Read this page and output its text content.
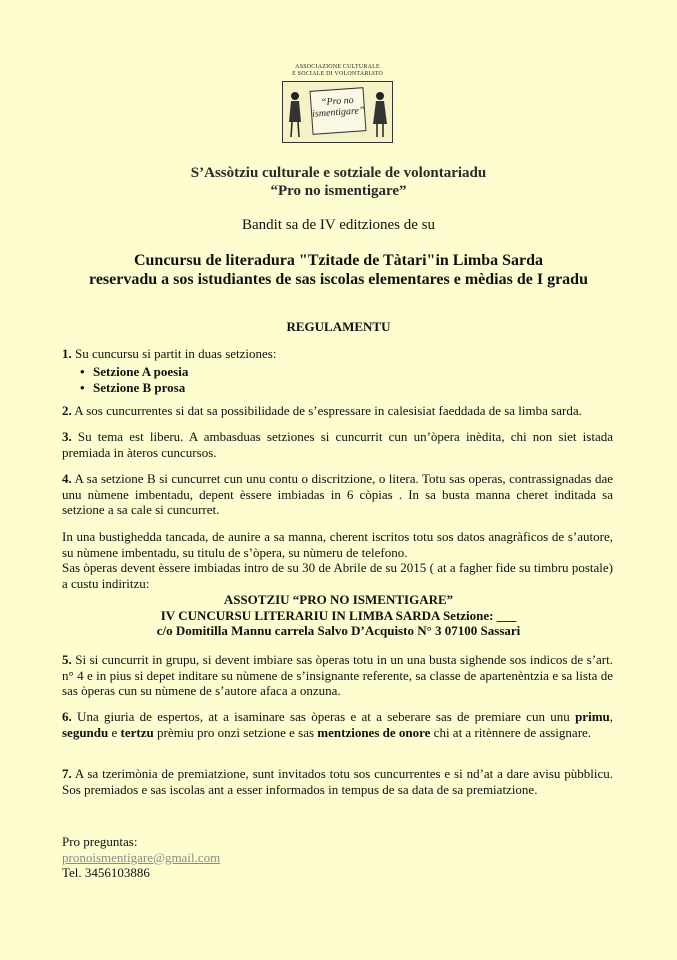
ASSOCIAZIONE CULTURALE
E SOCIALE DI VOLONTARIATO
“Pro no
ismentigare”
S’Assòtziu culturale e sotziale de volontariadu
“Pro no ismentigare”
Bandit sa de IV editziones de su
Cuncursu de literadura "Tzitade de Tàtari"in Limba Sarda
reservadu a sos istudiantes de sas iscolas elementares e mèdias de I gradu
REGULAMENTU
1. Su cuncursu si partit in duas setziones:
• Setzione A poesia
• Setzione B prosa
2. A sos cuncurrentes si dat sa possibilidade de s’espressare in calesisiat faeddada de sa limba sarda.
3. Su tema est liberu. A ambasduas setziones si cuncurrit cun un’òpera inèdita, chi non siet istada premiada in àteros cuncursos.
4. A sa setzione B si cuncurret cun unu contu o discritzione, o litera. Totu sas operas, contrassignadas dae unu nùmene imbentadu, depent èssere imbiadas in 6 còpias . In sa busta manna cheret inditada sa setzione a sa cale si cuncurret.
In una bustighedda tancada, de aunire a sa manna, cherent iscritos totu sos datos anagràficos de s’autore, su nùmene imbentadu, su titulu de s’òpera, su nùmeru de telefono.
Sas òperas devent èssere imbiadas intro de su 30 de Abrile de su 2015 ( at a fagher fide su timbru postale) a custu indiritzu:
ASSOTZIU “PRO NO ISMENTIGARE”
IV CUNCURSU LITERARIU IN LIMBA SARDA Setzione: ___
c/o Domitilla Mannu carrela Salvo D’Acquisto N° 3 07100 Sassari
5. Si si cuncurrit in grupu, si devent imbiare sas òperas totu in un una busta sighende sos indicos de s’art. n° 4 e in pius si depet inditare su nùmene de s’insignante referente, sa classe de apartenèntzia e sa lista de sas òperas cun su nùmene de s’autore afaca a onzuna.
6. Una giuria de espertos, at a isaminare sas òperas e at a seberare sas de premiare cun unu primu, segundu e tertzu prèmiu pro onzi setzione e sas mentziones de onore chi at a ritènnere de assignare.
7. A sa tzerimònia de premiatzione, sunt invitados totu sos cuncurrentes e si nd’at a dare avisu pùbblicu. Sos premiados e sas iscolas ant a esser informados in tempus de sa data de sa premiatzione.
Pro preguntas:
pronoismentigare@gmail.com
Tel. 3456103886
